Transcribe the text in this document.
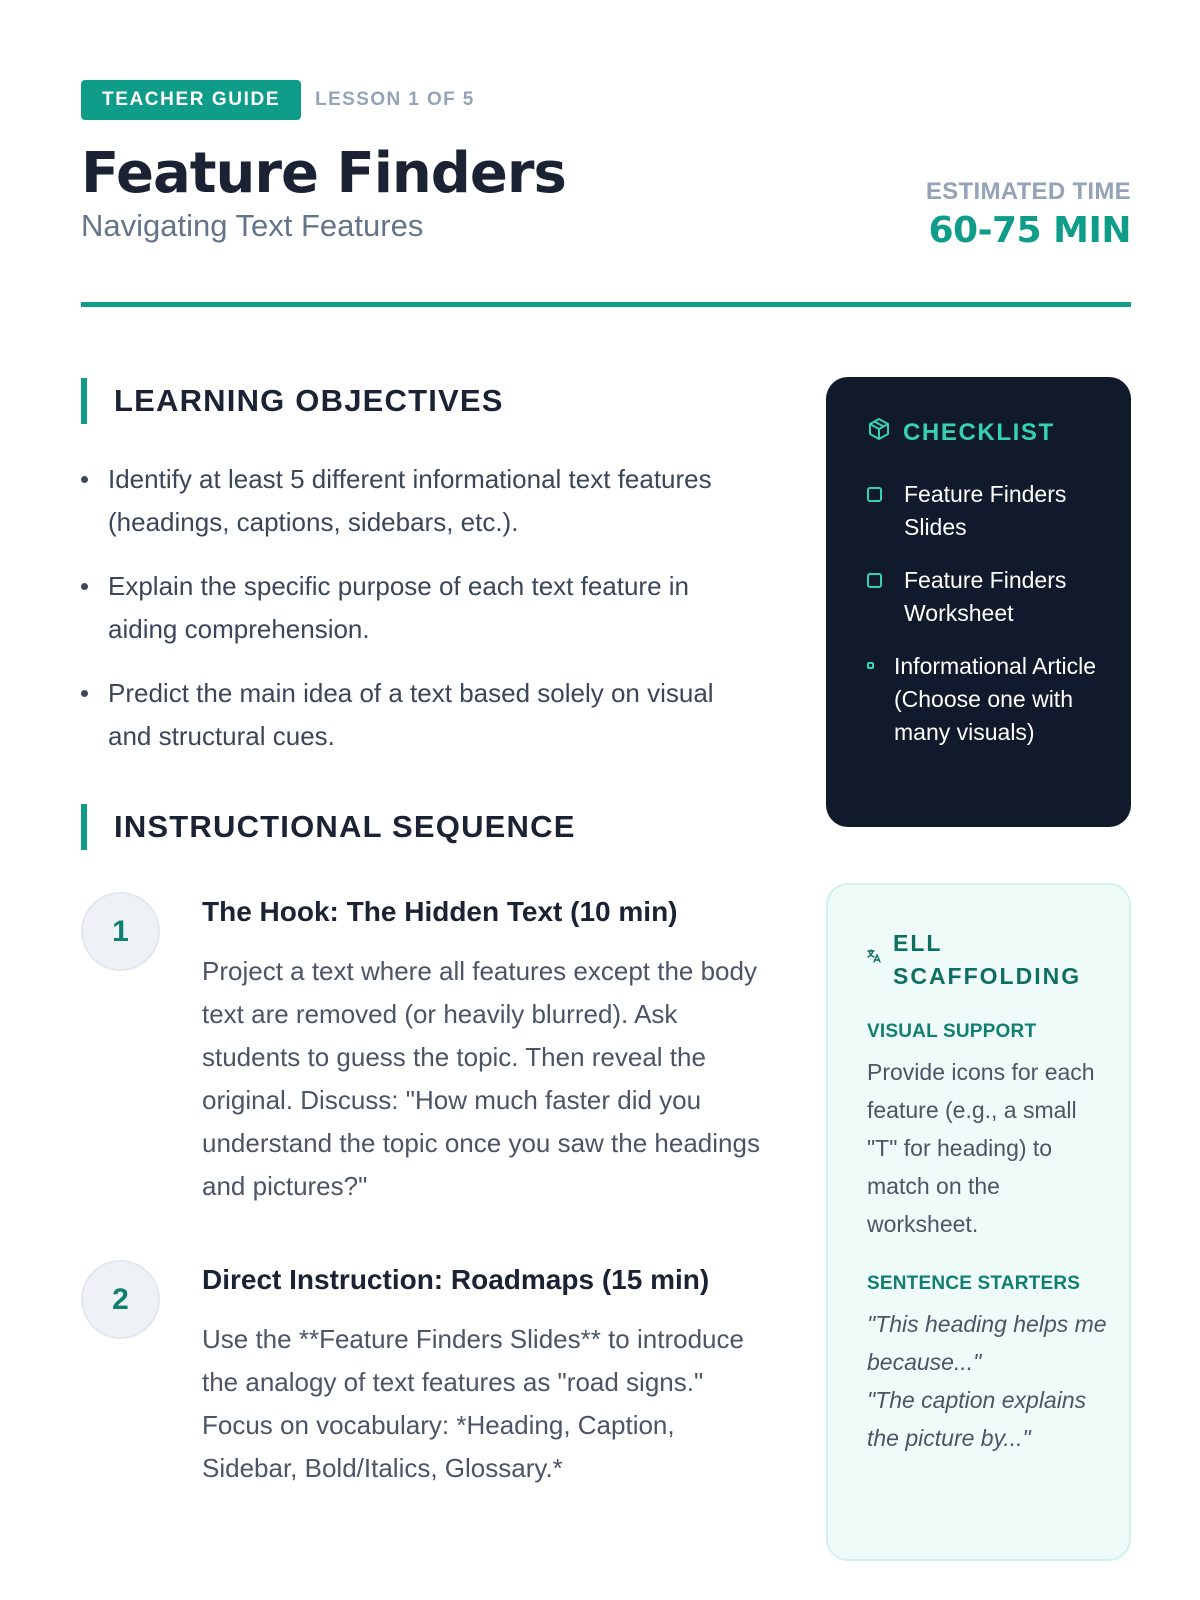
TEACHER GUIDE	LESSON 1 OF 5
Feature Finders
Navigating Text Features
ESTIMATED TIME
60-75 MIN
LEARNING OBJECTIVES
Identify at least 5 different informational text features (headings, captions, sidebars, etc.).
Explain the specific purpose of each text feature in aiding comprehension.
Predict the main idea of a text based solely on visual and structural cues.
INSTRUCTIONAL SEQUENCE
1
The Hook: The Hidden Text (10 min)
Project a text where all features except the body text are removed (or heavily blurred). Ask students to guess the topic. Then reveal the original. Discuss: "How much faster did you understand the topic once you saw the headings and pictures?"
2
Direct Instruction: Roadmaps (15 min)
Use the **Feature Finders Slides** to introduce the analogy of text features as "road signs." Focus on vocabulary: *Heading, Caption, Sidebar, Bold/Italics, Glossary.*
CHECKLIST
Feature Finders Slides
Feature Finders Worksheet
Informational Article (Choose one with many visuals)
ELL SCAFFOLDING
VISUAL SUPPORT
Provide icons for each feature (e.g., a small "T" for heading) to match on the worksheet.
SENTENCE STARTERS
"This heading helps me because..."
"The caption explains the picture by..."
